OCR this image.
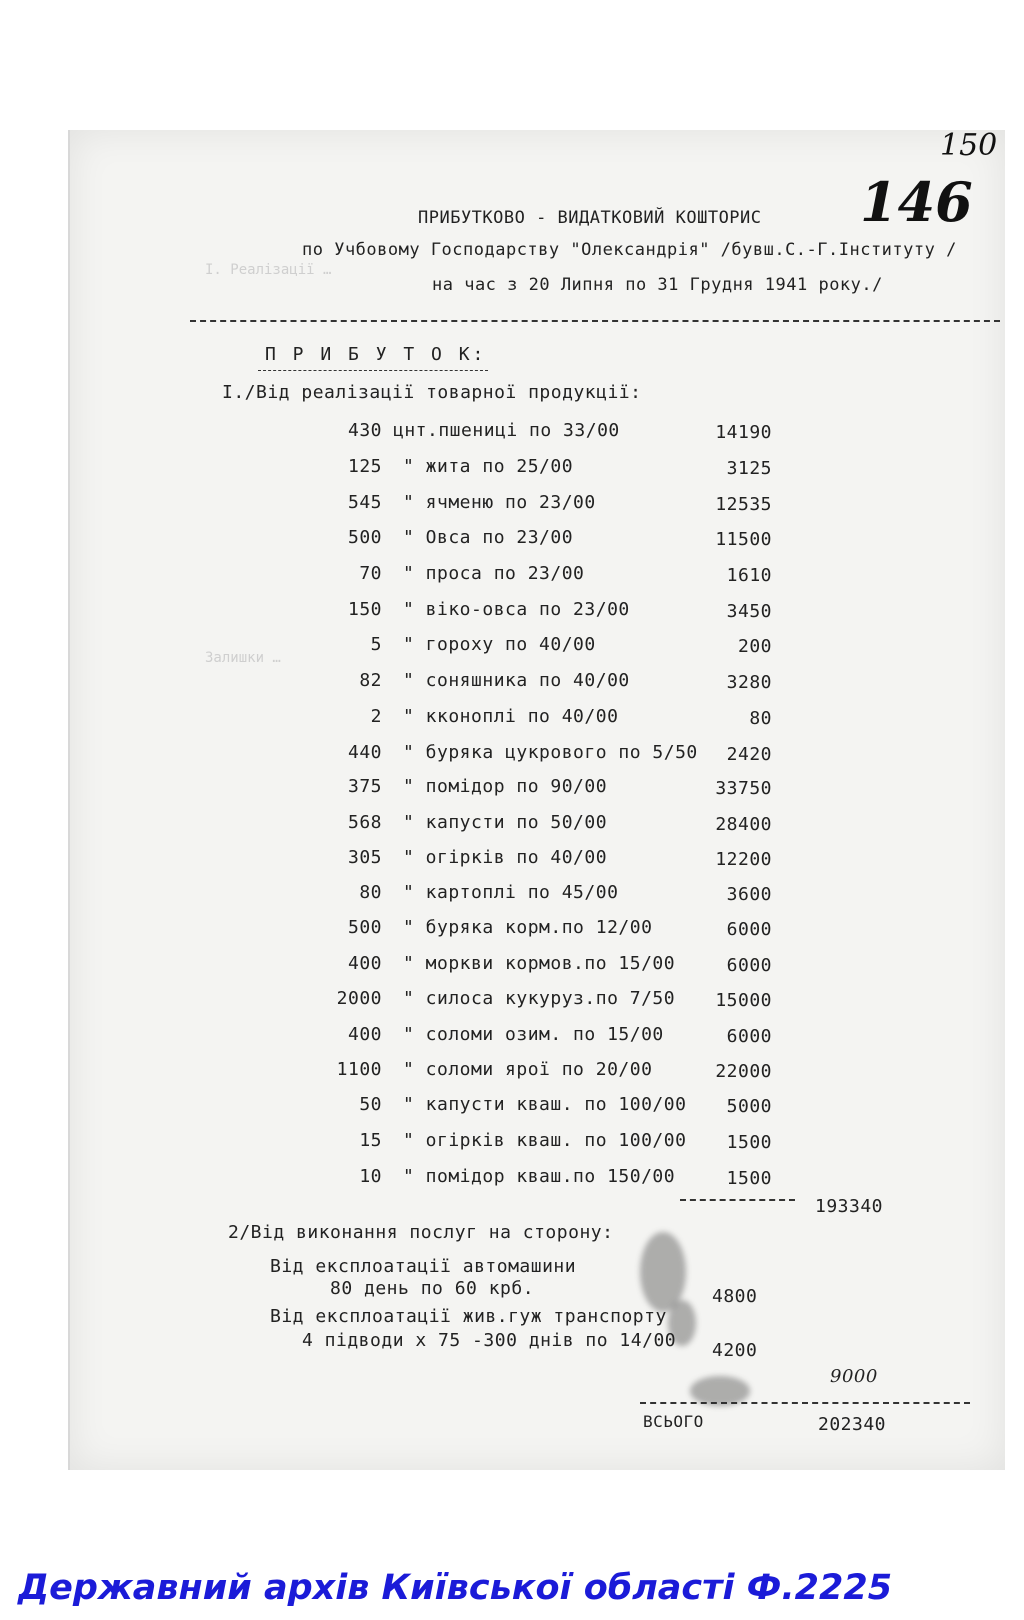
І. Реалізації …
Залишки …
150
146
ПРИБУТКОВО - ВИДАТКОВИЙ КОШТОРИС
по Учбовому Господарству "Олександрія" /бувш.С.-Г.Інституту /
на час з 20 Липня по 31 Грудня 1941 року./
П Р И Б У Т О К:
І./Від реалізації товарної продукції:
430 цнт.пшениці по 33/00	14190
125 " жита по 25/00	3125
545 " ячменю по 23/00	12535
500 " Овса по 23/00	11500
70 " проса по 23/00	1610
150 " віко-овса по 23/00	3450
5 " гороху по 40/00	200
82 " соняшника по 40/00	3280
2 " кконоплі по 40/00	80
440 " буряка цукрового по 5/50	2420
375 " помідор по 90/00	33750
568 " капусти по 50/00	28400
305 " огірків по 40/00	12200
80 " картоплі по 45/00	3600
500 " буряка корм.по 12/00	6000
400 " моркви кормов.по 15/00	6000
2000 " силоса кукуруз.по 7/50	15000
400 " соломи озим. по 15/00	6000
1100 " соломи ярої по 20/00	22000
50 " капусти кваш. по 100/00	5000
15 " огірків кваш. по 100/00	1500
10 " помідор кваш.по 150/00	1500
193340
2/Від виконання послуг на сторону:
Від експлоатації автомашини
80 день по 60 крб.	4800
Від експлоатації жив.гуж транспорту
4 підводи х 75 -300 днів по 14/00 4200
9000
ВСЬОГО	202340
Державний архів Київської області Ф.2225
